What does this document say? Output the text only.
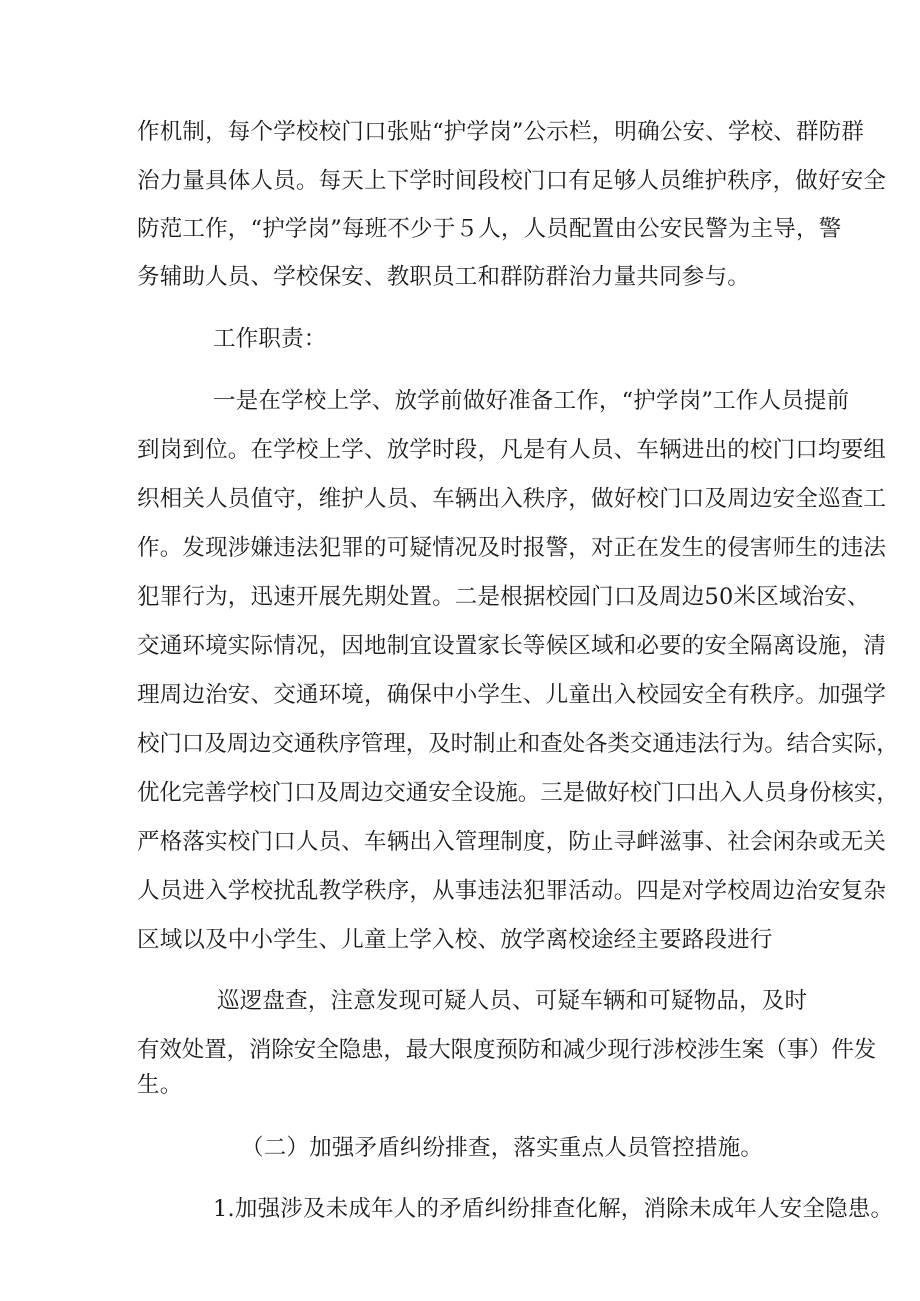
作机制，每个学校校门口张贴“护学岗”公示栏，明确公安、学校、群防群

治力量具体人员。每天上下学时间段校门口有足够人员维护秩序，做好安全

防范工作，“护学岗”每班不少于５人，人员配置由公安民警为主导，警

务辅助人员、学校保安、教职员工和群防群治力量共同参与。

工作职责：

一是在学校上学、放学前做好准备工作，“护学岗”工作人员提前

到岗到位。在学校上学、放学时段，凡是有人员、车辆进出的校门口均要组

织相关人员值守，维护人员、车辆出入秩序，做好校门口及周边安全巡查工

作。发现涉嫌违法犯罪的可疑情况及时报警，对正在发生的侵害师生的违法

犯罪行为，迅速开展先期处置。二是根据校园门口及周边50米区域治安、

交通环境实际情况，因地制宜设置家长等候区域和必要的安全隔离设施，清

理周边治安、交通环境，确保中小学生、儿童出入校园安全有秩序。加强学

校门口及周边交通秩序管理，及时制止和查处各类交通违法行为。结合实际，

优化完善学校门口及周边交通安全设施。三是做好校门口出入人员身份核实，

严格落实校门口人员、车辆出入管理制度，防止寻衅滋事、社会闲杂或无关

人员进入学校扰乱教学秩序，从事违法犯罪活动。四是对学校周边治安复杂

区域以及中小学生、儿童上学入校、放学离校途经主要路段进行

巡逻盘查，注意发现可疑人员、可疑车辆和可疑物品，及时

有效处置，消除安全隐患，最大限度预防和减少现行涉校涉生案（事）件发

生。

（二）加强矛盾纠纷排查，落实重点人员管控措施。

1.加强涉及未成年人的矛盾纠纷排查化解，消除未成年人安全隐患。
